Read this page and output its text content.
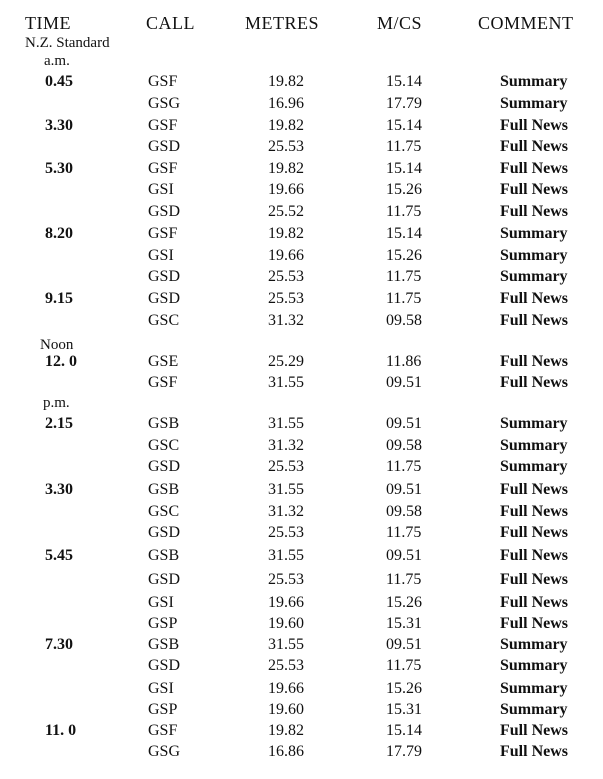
TIME	CALL	METRES	M/CS	COMMENT
N.Z. Standard
a.m.
Noon
p.m.
0.45	GSF	19.82	15.14	Summary
GSG	16.96	17.79	Summary
3.30	GSF	19.82	15.14	Full News
GSD	25.53	11.75	Full News
5.30	GSF	19.82	15.14	Full News
GSI	19.66	15.26	Full News
GSD	25.52	11.75	Full News
8.20	GSF	19.82	15.14	Summary
GSI	19.66	15.26	Summary
GSD	25.53	11.75	Summary
9.15	GSD	25.53	11.75	Full News
GSC	31.32	09.58	Full News
12. 0	GSE	25.29	11.86	Full News
GSF	31.55	09.51	Full News
2.15	GSB	31.55	09.51	Summary
GSC	31.32	09.58	Summary
GSD	25.53	11.75	Summary
3.30	GSB	31.55	09.51	Full News
GSC	31.32	09.58	Full News
GSD	25.53	11.75	Full News
5.45	GSB	31.55	09.51	Full News
GSD	25.53	11.75	Full News
GSI	19.66	15.26	Full News
GSP	19.60	15.31	Full News
7.30	GSB	31.55	09.51	Summary
GSD	25.53	11.75	Summary
GSI	19.66	15.26	Summary
GSP	19.60	15.31	Summary
11. 0	GSF	19.82	15.14	Full News
GSG	16.86	17.79	Full News
